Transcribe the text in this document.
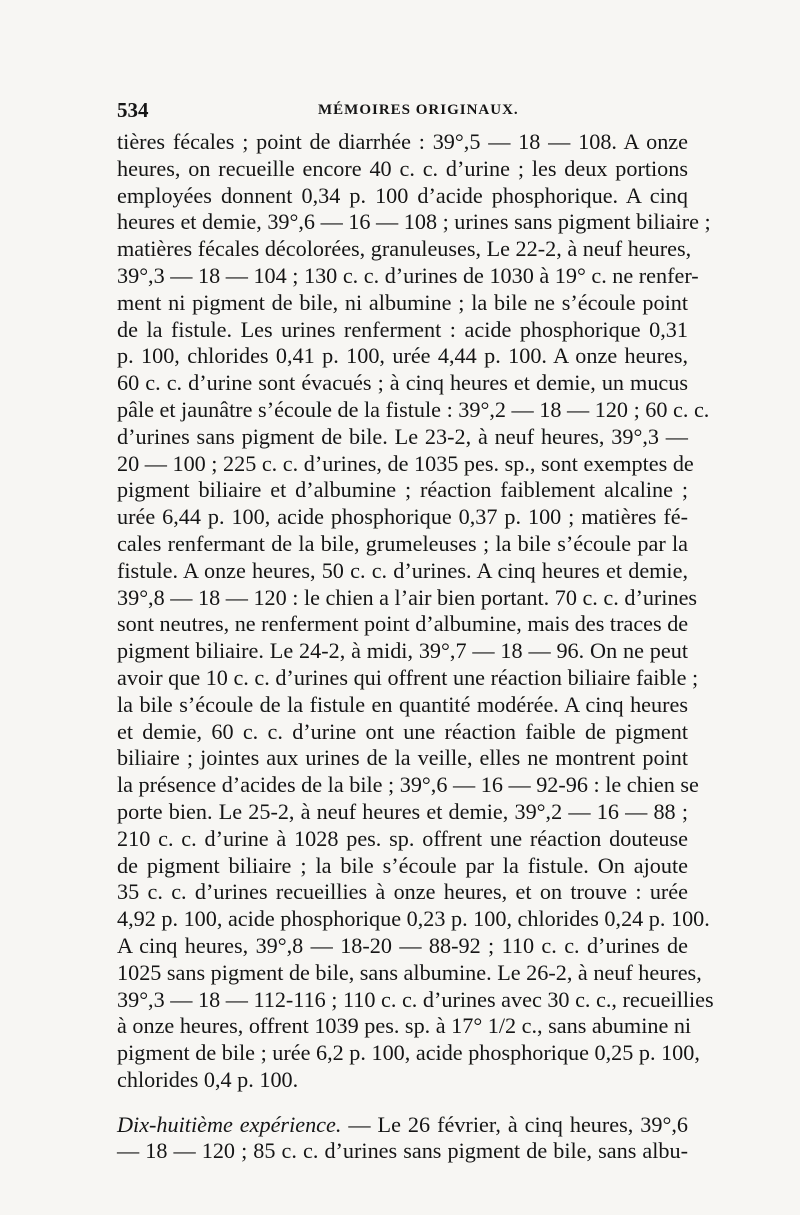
534	MÉMOIRES ORIGINAUX.
tières fécales ; point de diarrhée : 39°,5 — 18 — 108. A onze
heures, on recueille encore 40 c. c. d’urine ; les deux portions
employées donnent 0,34 p. 100 d’acide phosphorique. A cinq
heures et demie, 39°,6 — 16 — 108 ; urines sans pigment biliaire ;
matières fécales décolorées, granuleuses, Le 22-2, à neuf heures,
39°,3 — 18 — 104 ; 130 c. c. d’urines de 1030 à 19° c. ne renfer-
ment ni pigment de bile, ni albumine ; la bile ne s’écoule point
de la fistule. Les urines renferment : acide phosphorique 0,31
p. 100, chlorides 0,41 p. 100, urée 4,44 p. 100. A onze heures,
60 c. c. d’urine sont évacués ; à cinq heures et demie, un mucus
pâle et jaunâtre s’écoule de la fistule : 39°,2 — 18 — 120 ; 60 c. c.
d’urines sans pigment de bile. Le 23-2, à neuf heures, 39°,3 —
20 — 100 ; 225 c. c. d’urines, de 1035 pes. sp., sont exemptes de
pigment biliaire et d’albumine ; réaction faiblement alcaline ;
urée 6,44 p. 100, acide phosphorique 0,37 p. 100 ; matières fé-
cales renfermant de la bile, grumeleuses ; la bile s’écoule par la
fistule. A onze heures, 50 c. c. d’urines. A cinq heures et demie,
39°,8 — 18 — 120 : le chien a l’air bien portant. 70 c. c. d’urines
sont neutres, ne renferment point d’albumine, mais des traces de
pigment biliaire. Le 24-2, à midi, 39°,7 — 18 — 96. On ne peut
avoir que 10 c. c. d’urines qui offrent une réaction biliaire faible ;
la bile s’écoule de la fistule en quantité modérée. A cinq heures
et demie, 60 c. c. d’urine ont une réaction faible de pigment
biliaire ; jointes aux urines de la veille, elles ne montrent point
la présence d’acides de la bile ; 39°,6 — 16 — 92-96 : le chien se
porte bien. Le 25-2, à neuf heures et demie, 39°,2 — 16 — 88 ;
210 c. c. d’urine à 1028 pes. sp. offrent une réaction douteuse
de pigment biliaire ; la bile s’écoule par la fistule. On ajoute
35 c. c. d’urines recueillies à onze heures, et on trouve : urée
4,92 p. 100, acide phosphorique 0,23 p. 100, chlorides 0,24 p. 100.
A cinq heures, 39°,8 — 18-20 — 88-92 ; 110 c. c. d’urines de
1025 sans pigment de bile, sans albumine. Le 26-2, à neuf heures,
39°,3 — 18 — 112-116 ; 110 c. c. d’urines avec 30 c. c., recueillies
à onze heures, offrent 1039 pes. sp. à 17° 1/2 c., sans abumine ni
pigment de bile ; urée 6,2 p. 100, acide phosphorique 0,25 p. 100,
chlorides 0,4 p. 100.
Dix-huitième expérience. — Le 26 février, à cinq heures, 39°,6
— 18 — 120 ; 85 c. c. d’urines sans pigment de bile, sans albu-
